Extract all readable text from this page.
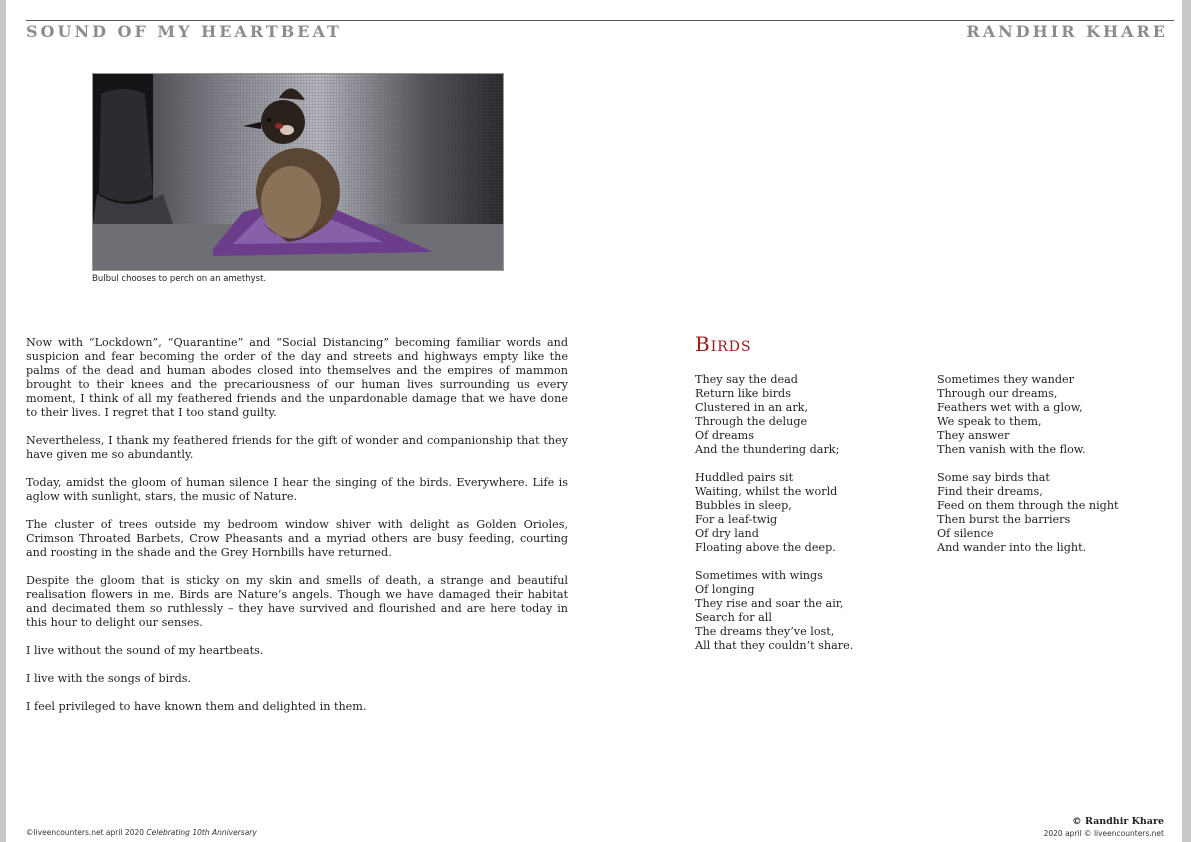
SOUND OF MY HEARTBEAT	RANDHIR KHARE
Bulbul chooses to perch on an amethyst.

Now with “Lockdown”, “Quarantine” and “Social Distancing” becoming familiar words and suspicion and fear becoming the order of the day and streets and highways empty like the palms of the dead and human abodes closed into themselves and the empires of mammon brought to their knees and the precariousness of our human lives surrounding us every moment, I think of all my feathered friends and the unpardonable damage that we have done to their lives. I regret that I too stand guilty.

Nevertheless, I thank my feathered friends for the gift of wonder and companionship that they have given me so abundantly.

Today, amidst the gloom of human silence I hear the singing of the birds. Everywhere. Life is aglow with sunlight, stars, the music of Nature.

The cluster of trees outside my bedroom window shiver with delight as Golden Orioles, Crimson Throated Barbets, Crow Pheasants and a myriad others are busy feeding, courting and roosting in the shade and the Grey Hornbills have returned.

Despite the gloom that is sticky on my skin and smells of death, a strange and beautiful realisation flowers in me. Birds are Nature’s angels. Though we have damaged their habitat and decimated them so ruthlessly – they have survived and flourished and are here today in this hour to delight our senses.

I live without the sound of my heartbeats.

I live with the songs of birds.

I feel privileged to have known them and delighted in them.

Birds
They say the dead
Return like birds
Clustered in an ark,
Through the deluge
Of dreams
And the thundering dark;
Huddled pairs sit
Waiting, whilst the world
Bubbles in sleep,
For a leaf-twig
Of dry land
Floating above the deep.
Sometimes with wings
Of longing
They rise and soar the air,
Search for all
The dreams they’ve lost,
All that they couldn’t share.
Sometimes they wander
Through our dreams,
Feathers wet with a glow,
We speak to them,
They answer
Then vanish with the flow.
Some say birds that
Find their dreams,
Feed on them through the night
Then burst the barriers
Of silence
And wander into the light.
©liveencounters.net april 2020 Celebrating 10th Anniversary
© Randhir Khare
2020 april © liveencounters.net
